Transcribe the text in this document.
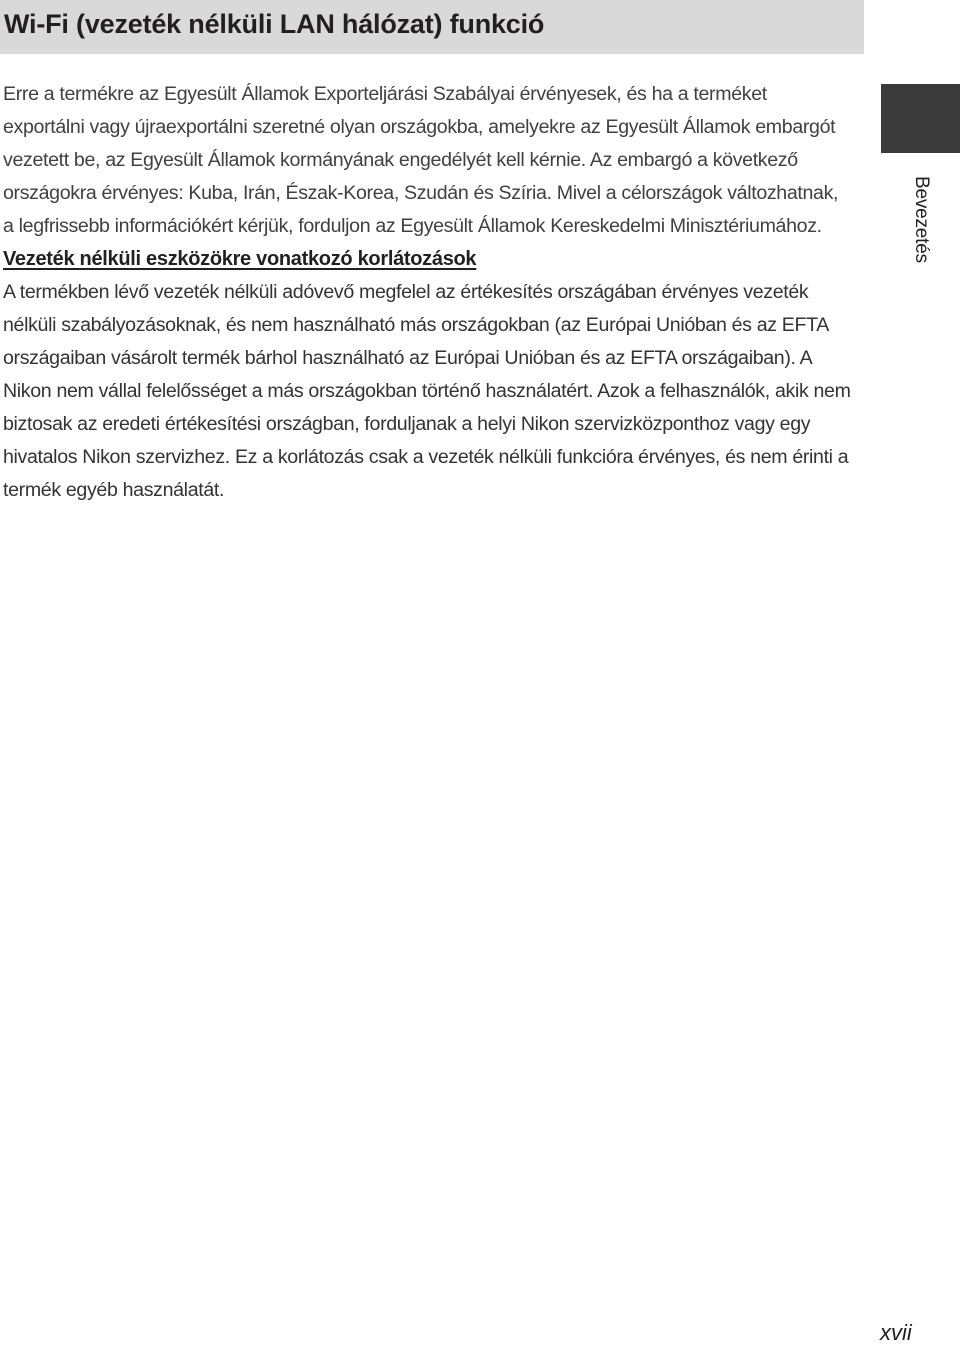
Wi-Fi (vezeték nélküli LAN hálózat) funkció
Bevezetés

Erre a termékre az Egyesült Államok Exporteljárási Szabályai érvényesek, és ha a terméket exportálni vagy újraexportálni szeretné olyan országokba, amelyekre az Egyesült Államok embargót vezetett be, az Egyesült Államok kormányának engedélyét kell kérnie. Az embargó a következő országokra érvényes: Kuba, Irán, Észak-Korea, Szudán és Szíria. Mivel a célországok változhatnak, a legfrissebb információkért kérjük, forduljon az Egyesült Államok Kereskedelmi Minisztériumához.

Vezeték nélküli eszközökre vonatkozó korlátozások

A termékben lévő vezeték nélküli adóvevő megfelel az értékesítés országában érvényes vezeték nélküli szabályozásoknak, és nem használható más országokban (az Európai Unióban és az EFTA országaiban vásárolt termék bárhol használható az Európai Unióban és az EFTA országaiban). A Nikon nem vállal felelősséget a más országokban történő használatért. Azok a felhasználók, akik nem biztosak az eredeti értékesítési országban, forduljanak a helyi Nikon szervizközponthoz vagy egy hivatalos Nikon szervizhez. Ez a korlátozás csak a vezeték nélküli funkcióra érvényes, és nem érinti a termék egyéb használatát.

xvii
